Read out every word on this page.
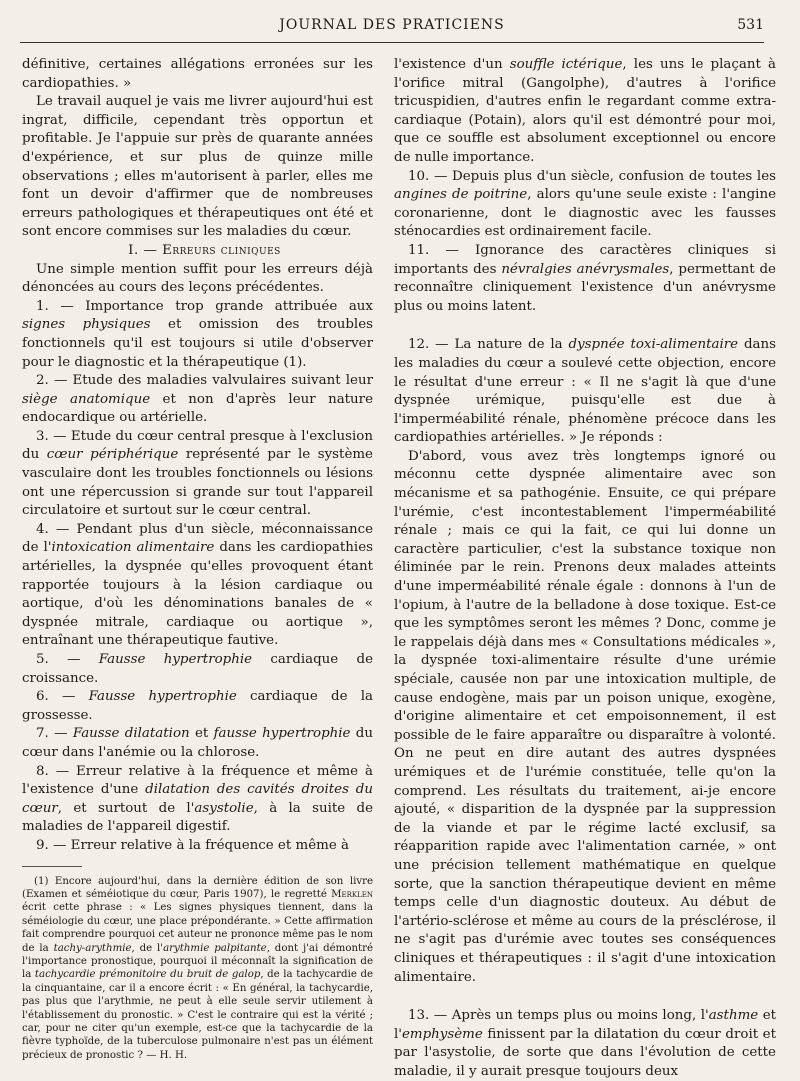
JOURNAL DES PRATICIENS	531

définitive, certaines allégations erronées sur les cardiopathies. »

Le travail auquel je vais me livrer aujourd'hui est ingrat, difficile, cependant très opportun et profitable. Je l'appuie sur près de quarante années d'expérience, et sur plus de quinze mille observations ; elles m'autorisent à parler, elles me font un devoir d'affirmer que de nombreuses erreurs pathologiques et thérapeutiques ont été et sont encore commises sur les maladies du cœur.

I. — Erreurs cliniques

Une simple mention suffit pour les erreurs déjà dénoncées au cours des leçons précédentes.

1. — Importance trop grande attribuée aux signes physiques et omission des troubles fonctionnels qu'il est toujours si utile d'observer pour le diagnostic et la thérapeutique (1).

2. — Etude des maladies valvulaires suivant leur siège anatomique et non d'après leur nature endocardique ou artérielle.

3. — Etude du cœur central presque à l'exclusion du cœur périphérique représenté par le système vasculaire dont les troubles fonctionnels ou lésions ont une répercussion si grande sur tout l'appareil circulatoire et surtout sur le cœur central.

4. — Pendant plus d'un siècle, méconnaissance de l'intoxication alimentaire dans les cardiopathies artérielles, la dyspnée qu'elles provoquent étant rapportée toujours à la lésion cardiaque ou aortique, d'où les dénominations banales de « dyspnée mitrale, cardiaque ou aortique », entraînant une thérapeutique fautive.

5. — Fausse hypertrophie cardiaque de croissance.

6. — Fausse hypertrophie cardiaque de la grossesse.

7. — Fausse dilatation et fausse hypertrophie du cœur dans l'anémie ou la chlorose.

8. — Erreur relative à la fréquence et même à l'existence d'une dilatation des cavités droites du cœur, et surtout de l'asystolie, à la suite de maladies de l'appareil digestif.

9. — Erreur relative à la fréquence et même à

(1) Encore aujourd'hui, dans la dernière édition de son livre (Examen et séméiotique du cœur, Paris 1907), le regretté Merklen écrit cette phrase : « Les signes physiques tiennent, dans la séméiologie du cœur, une place prépondérante. » Cette affirmation fait comprendre pourquoi cet auteur ne prononce même pas le nom de la tachy-arythmie, de l'arythmie palpitante, dont j'ai démontré l'importance pronostique, pourquoi il méconnaît la signification de la tachycardie prémonitoire du bruit de galop, de la tachycardie de la cinquantaine, car il a encore écrit : « En général, la tachycardie, pas plus que l'arythmie, ne peut à elle seule servir utilement à l'établissement du pronostic. » C'est le contraire qui est la vérité ; car, pour ne citer qu'un exemple, est-ce que la tachycardie de la fièvre typhoïde, de la tuberculose pulmonaire n'est pas un élément précieux de pronostic ? — H. H.

l'existence d'un souffle ictérique, les uns le plaçant à l'orifice mitral (Gangolphe), d'autres à l'orifice tricuspidien, d'autres enfin le regardant comme extra-cardiaque (Potain), alors qu'il est démontré pour moi, que ce souffle est absolument exceptionnel ou encore de nulle importance.

10. — Depuis plus d'un siècle, confusion de toutes les angines de poitrine, alors qu'une seule existe : l'angine coronarienne, dont le diagnostic avec les fausses sténocardies est ordinairement facile.

11. — Ignorance des caractères cliniques si importants des névralgies anévrysmales, permettant de reconnaître cliniquement l'existence d'un anévrysme plus ou moins latent.

12. — La nature de la dyspnée toxi-alimentaire dans les maladies du cœur a soulevé cette objection, encore le résultat d'une erreur : « Il ne s'agit là que d'une dyspnée urémique, puisqu'elle est due à l'imperméabilité rénale, phénomène précoce dans les cardiopathies artérielles. » Je réponds :

D'abord, vous avez très longtemps ignoré ou méconnu cette dyspnée alimentaire avec son mécanisme et sa pathogénie. Ensuite, ce qui prépare l'urémie, c'est incontestablement l'imperméabilité rénale ; mais ce qui la fait, ce qui lui donne un caractère particulier, c'est la substance toxique non éliminée par le rein. Prenons deux malades atteints d'une imperméabilité rénale égale : donnons à l'un de l'opium, à l'autre de la belladone à dose toxique. Est-ce que les symptômes seront les mêmes ? Donc, comme je le rappelais déjà dans mes « Consultations médicales », la dyspnée toxi-alimentaire résulte d'une urémie spéciale, causée non par une intoxication multiple, de cause endogène, mais par un poison unique, exogène, d'origine alimentaire et cet empoisonnement, il est possible de le faire apparaître ou disparaître à volonté. On ne peut en dire autant des autres dyspnées urémiques et de l'urémie constituée, telle qu'on la comprend. Les résultats du traitement, ai-je encore ajouté, « disparition de la dyspnée par la suppression de la viande et par le régime lacté exclusif, sa réapparition rapide avec l'alimentation carnée, » ont une précision tellement mathématique en quelque sorte, que la sanction thérapeutique devient en même temps celle d'un diagnostic douteux. Au début de l'artério-sclérose et même au cours de la présclérose, il ne s'agit pas d'urémie avec toutes ses conséquences cliniques et thérapeutiques : il s'agit d'une intoxication alimentaire.

13. — Après un temps plus ou moins long, l'asthme et l'emphysème finissent par la dilatation du cœur droit et par l'asystolie, de sorte que dans l'évolution de cette maladie, il y aurait presque toujours deux
